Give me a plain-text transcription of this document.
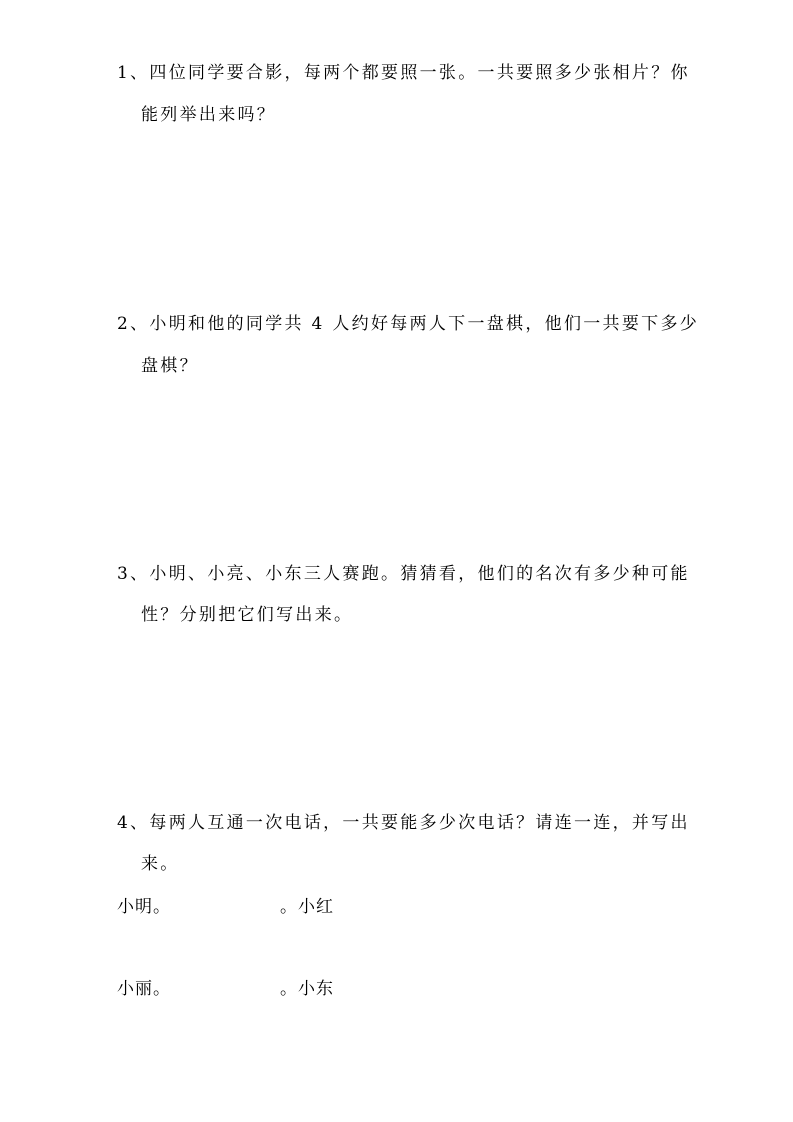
1、四位同学要合影，每两个都要照一张。一共要照多少张相片？你
能列举出来吗？
2、小明和他的同学共 4 人约好每两人下一盘棋，他们一共要下多少
盘棋？
3、小明、小亮、小东三人赛跑。猜猜看，他们的名次有多少种可能
性？分别把它们写出来。
4、每两人互通一次电话，一共要能多少次电话？请连一连，并写出
来。
小明。	。小红
小丽。	。小东
